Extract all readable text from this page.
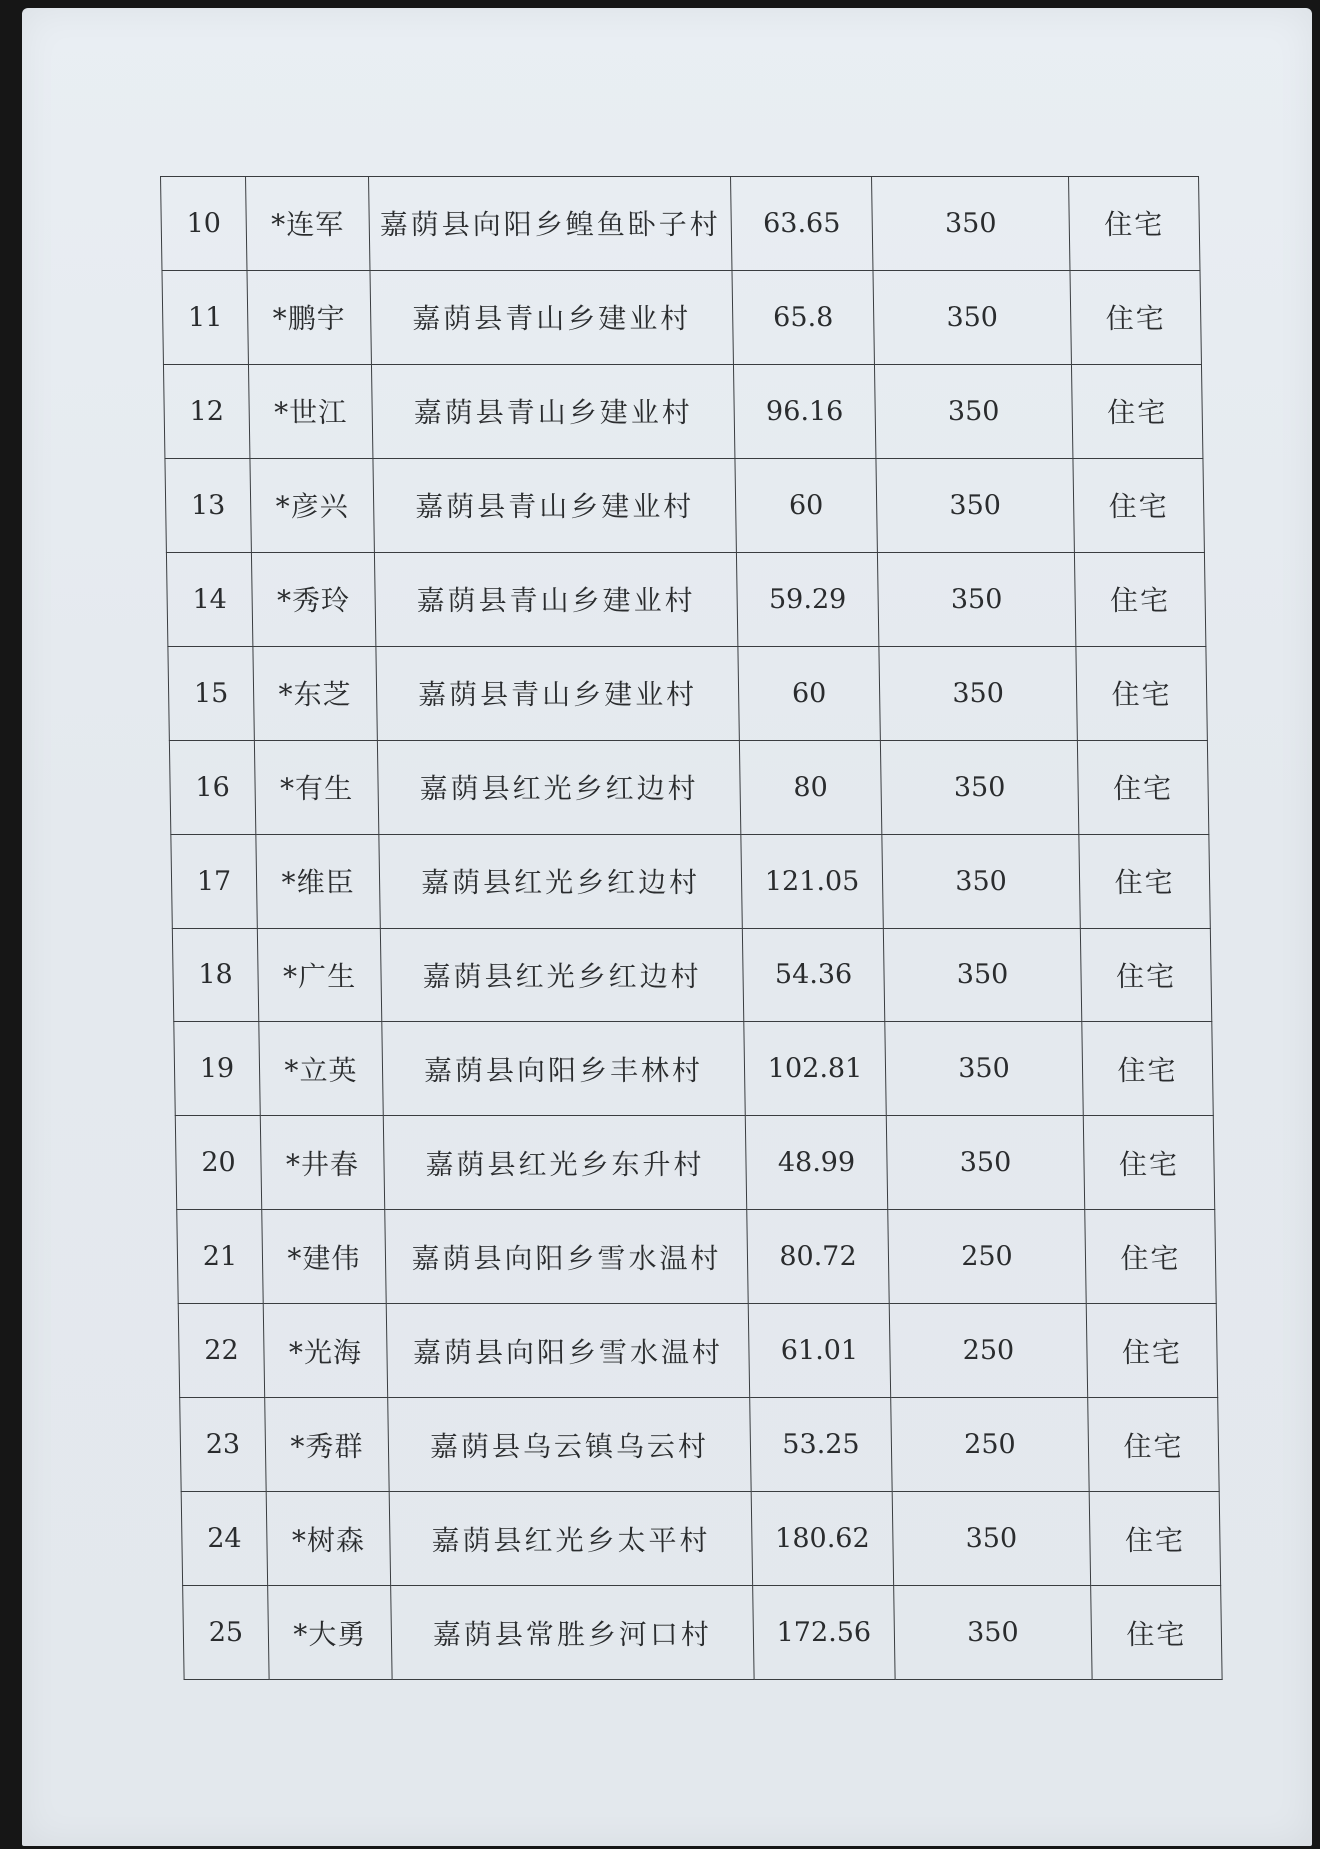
10	*连军	嘉荫县向阳乡鳇鱼卧子村	63.65	350	住宅
11	*鹏宇	嘉荫县青山乡建业村	65.8	350	住宅
12	*世江	嘉荫县青山乡建业村	96.16	350	住宅
13	*彦兴	嘉荫县青山乡建业村	60	350	住宅
14	*秀玲	嘉荫县青山乡建业村	59.29	350	住宅
15	*东芝	嘉荫县青山乡建业村	60	350	住宅
16	*有生	嘉荫县红光乡红边村	80	350	住宅
17	*维臣	嘉荫县红光乡红边村	121.05	350	住宅
18	*广生	嘉荫县红光乡红边村	54.36	350	住宅
19	*立英	嘉荫县向阳乡丰林村	102.81	350	住宅
20	*井春	嘉荫县红光乡东升村	48.99	350	住宅
21	*建伟	嘉荫县向阳乡雪水温村	80.72	250	住宅
22	*光海	嘉荫县向阳乡雪水温村	61.01	250	住宅
23	*秀群	嘉荫县乌云镇乌云村	53.25	250	住宅
24	*树森	嘉荫县红光乡太平村	180.62	350	住宅
25	*大勇	嘉荫县常胜乡河口村	172.56	350	住宅
